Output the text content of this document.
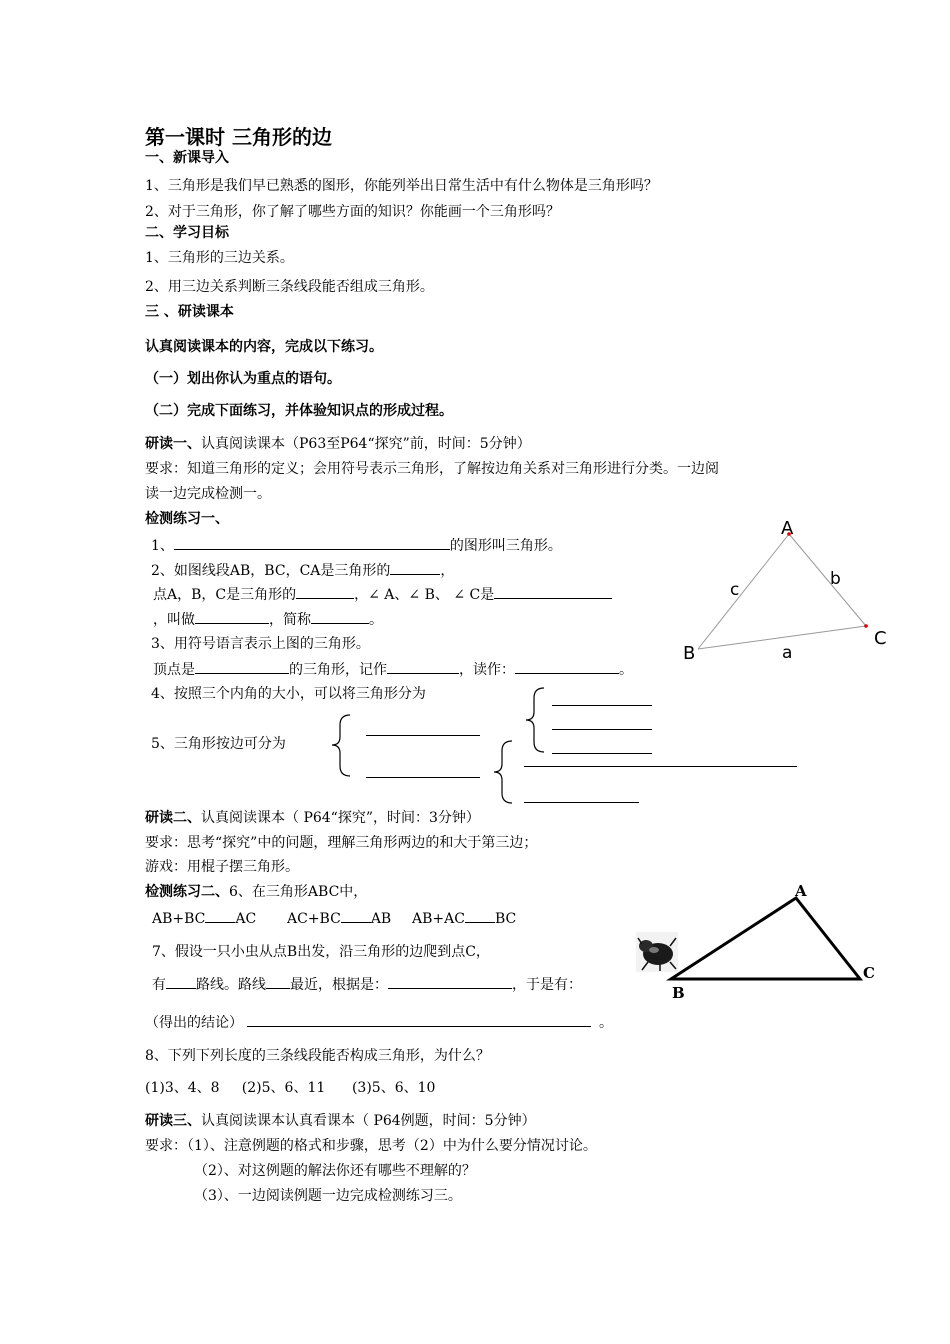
第一课时 三角形的边
一、新课导入
1、三角形是我们早已熟悉的图形，你能列举出日常生活中有什么物体是三角形吗？
2、对于三角形，你了解了哪些方面的知识？你能画一个三角形吗？
二、学习目标
1、三角形的三边关系。
2、用三边关系判断三条线段能否组成三角形。
三 、研读课本
认真阅读课本的内容，完成以下练习。
（一）划出你认为重点的语句。
（二）完成下面练习，并体验知识点的形成过程。
研读一、认真阅读课本（P63至P64“探究”前，时间：5分钟）
要求：知道三角形的定义；会用符号表示三角形，了解按边角关系对三角形进行分类。一边阅
读一边完成检测一。
检测练习一、
1、	的图形叫三角形。
2、如图线段AB，BC，CA是三角形的	，
点A，B，C是三角形的	，∠ A、∠ B、 ∠ C是
，叫做	，简称	。
3、用符号语言表示上图的三角形。
顶点是	的三角形，记作	，读作：	。
4、按照三个内角的大小，可以将三角形分为
5、三角形按边可分为
A
B
C
a
b
c
研读二、认真阅读课本（ P64“探究”，时间：3分钟）
要求：思考“探究”中的问题，理解三角形两边的和大于第三边；
游戏：用棍子摆三角形。
检测练习二、6、在三角形ABC中，
AB+BC AC AC+BC AB AB+AC BC
7、假设一只小虫从点B出发，沿三角形的边爬到点C，
有 路线。路线 最近，根据是：	，于是有：
（得出的结论）	。
8、下列下列长度的三条线段能否构成三角形，为什么？
(1)3、4、8     (2)5、6、11      (3)5、6、10
A
B
C
研读三、认真阅读课本认真看课本（ P64例题，时间：5分钟）
要求：（1）、注意例题的格式和步骤，思考（2）中为什么要分情况讨论。
（2）、对这例题的解法你还有哪些不理解的？
（3）、一边阅读例题一边完成检测练习三。
